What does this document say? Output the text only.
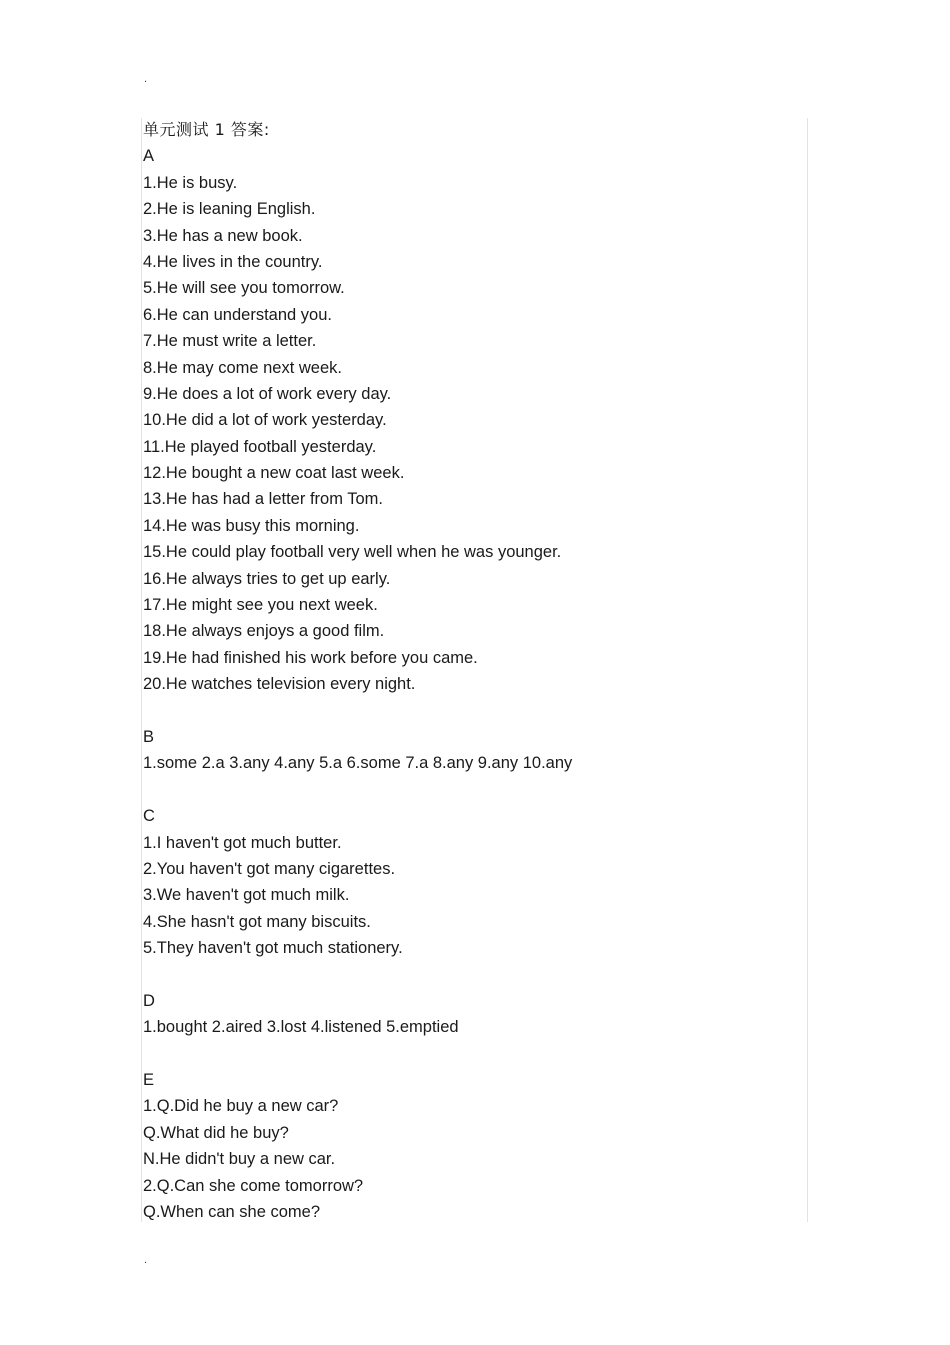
.
单元测试 1 答案:
A
1.He is busy.
2.He is leaning English.
3.He has a new book.
4.He lives in the country.
5.He will see you tomorrow.
6.He can understand you.
7.He must write a letter.
8.He may come next week.
9.He does a lot of work every day.
10.He did a lot of work yesterday.
11.He played football yesterday.
12.He bought a new coat last week.
13.He has had a letter from Tom.
14.He was busy this morning.
15.He could play football very well when he was younger.
16.He always tries to get up early.
17.He might see you next week.
18.He always enjoys a good film.
19.He had finished his work before you came.
20.He watches television every night.
B
1.some 2.a 3.any 4.any 5.a 6.some 7.a 8.any 9.any 10.any
C
1.I haven't got much butter.
2.You haven't got many cigarettes.
3.We haven't got much milk.
4.She hasn't got many biscuits.
5.They haven't got much stationery.
D
1.bought 2.aired 3.lost 4.listened 5.emptied
E
1.Q.Did he buy a new car?
Q.What did he buy?
N.He didn't buy a new car.
2.Q.Can she come tomorrow?
Q.When can she come?
.
